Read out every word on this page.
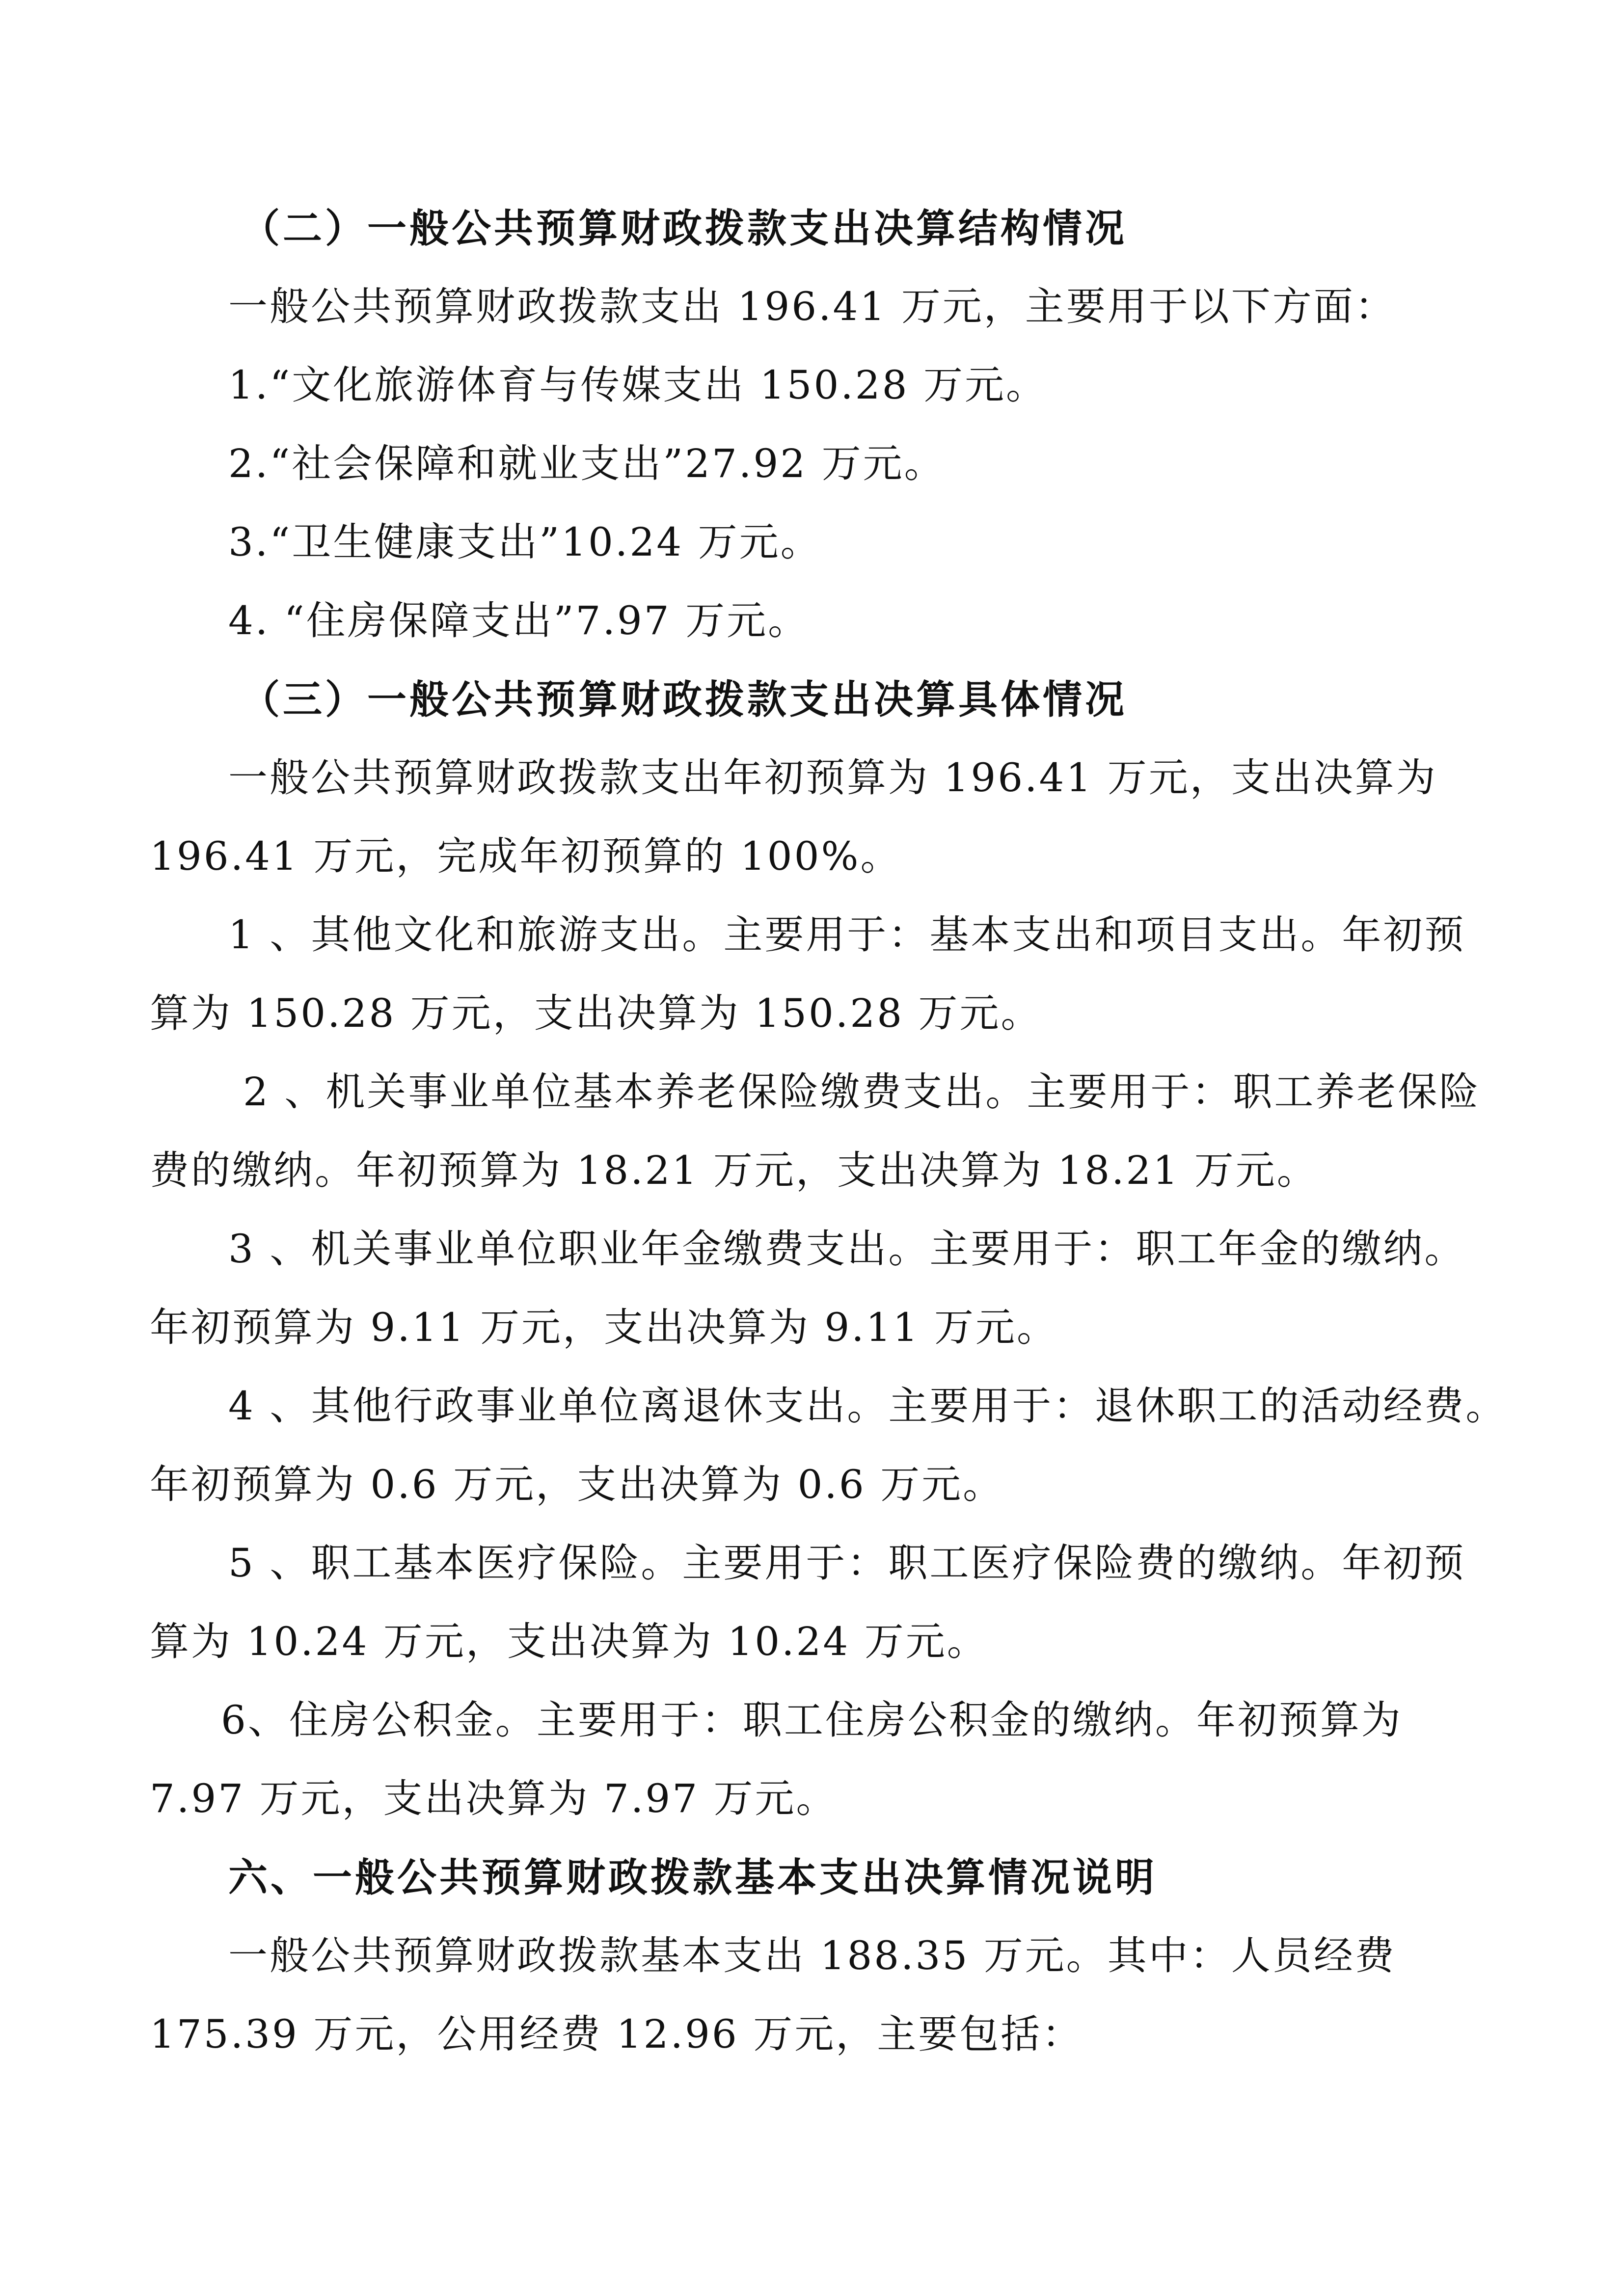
（二）一般公共预算财政拨款支出决算结构情况

一般公共预算财政拨款支出 196.41 万元，主要用于以下方面：

1.“文化旅游体育与传媒支出 150.28 万元。

2.“社会保障和就业支出”27.92 万元。

3.“卫生健康支出”10.24 万元。

4. “住房保障支出”7.97 万元。

（三）一般公共预算财政拨款支出决算具体情况

一般公共预算财政拨款支出年初预算为 196.41 万元，支出决算为

196.41 万元，完成年初预算的 100%。

1 、其他文化和旅游支出。主要用于：基本支出和项目支出。年初预

算为 150.28 万元，支出决算为 150.28 万元。

2 、机关事业单位基本养老保险缴费支出。主要用于：职工养老保险

费的缴纳。年初预算为 18.21 万元，支出决算为 18.21 万元。

3 、机关事业单位职业年金缴费支出。主要用于：职工年金的缴纳。

年初预算为 9.11 万元，支出决算为 9.11 万元。

4 、其他行政事业单位离退休支出。主要用于：退休职工的活动经费。

年初预算为 0.6 万元，支出决算为 0.6 万元。

5 、职工基本医疗保险。主要用于：职工医疗保险费的缴纳。年初预

算为 10.24 万元，支出决算为 10.24 万元。

6、住房公积金。主要用于：职工住房公积金的缴纳。年初预算为

7.97 万元，支出决算为 7.97 万元。

六、一般公共预算财政拨款基本支出决算情况说明

一般公共预算财政拨款基本支出 188.35 万元。其中：人员经费

175.39 万元，公用经费 12.96 万元，主要包括：
